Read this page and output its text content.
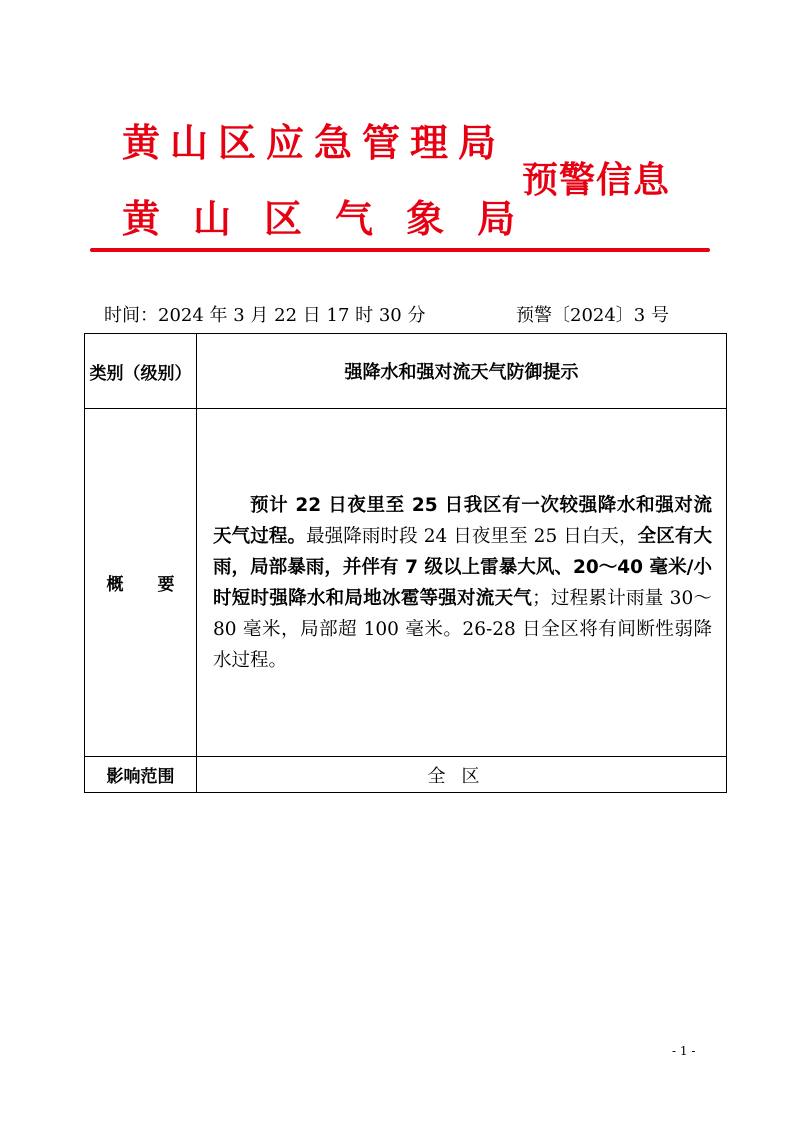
黄山区应急管理局
黄 山 区 气 象 局
预警信息
时间：2024 年 3 月 22 日 17 时 30 分	预警〔2024〕3 号
类别（级别）	强降水和强对流天气防御提示
概　　要	预计 22 日夜里至 25 日我区有一次较强降水和强对流天气过程。最强降雨时段 24 日夜里至 25 日白天，全区有大雨，局部暴雨，并伴有 7 级以上雷暴大风、20～40 毫米/小时短时强降水和局地冰雹等强对流天气；过程累计雨量 30～80 毫米，局部超 100 毫米。26-28 日全区将有间断性弱降水过程。

影响范围	全区
- 1 -
